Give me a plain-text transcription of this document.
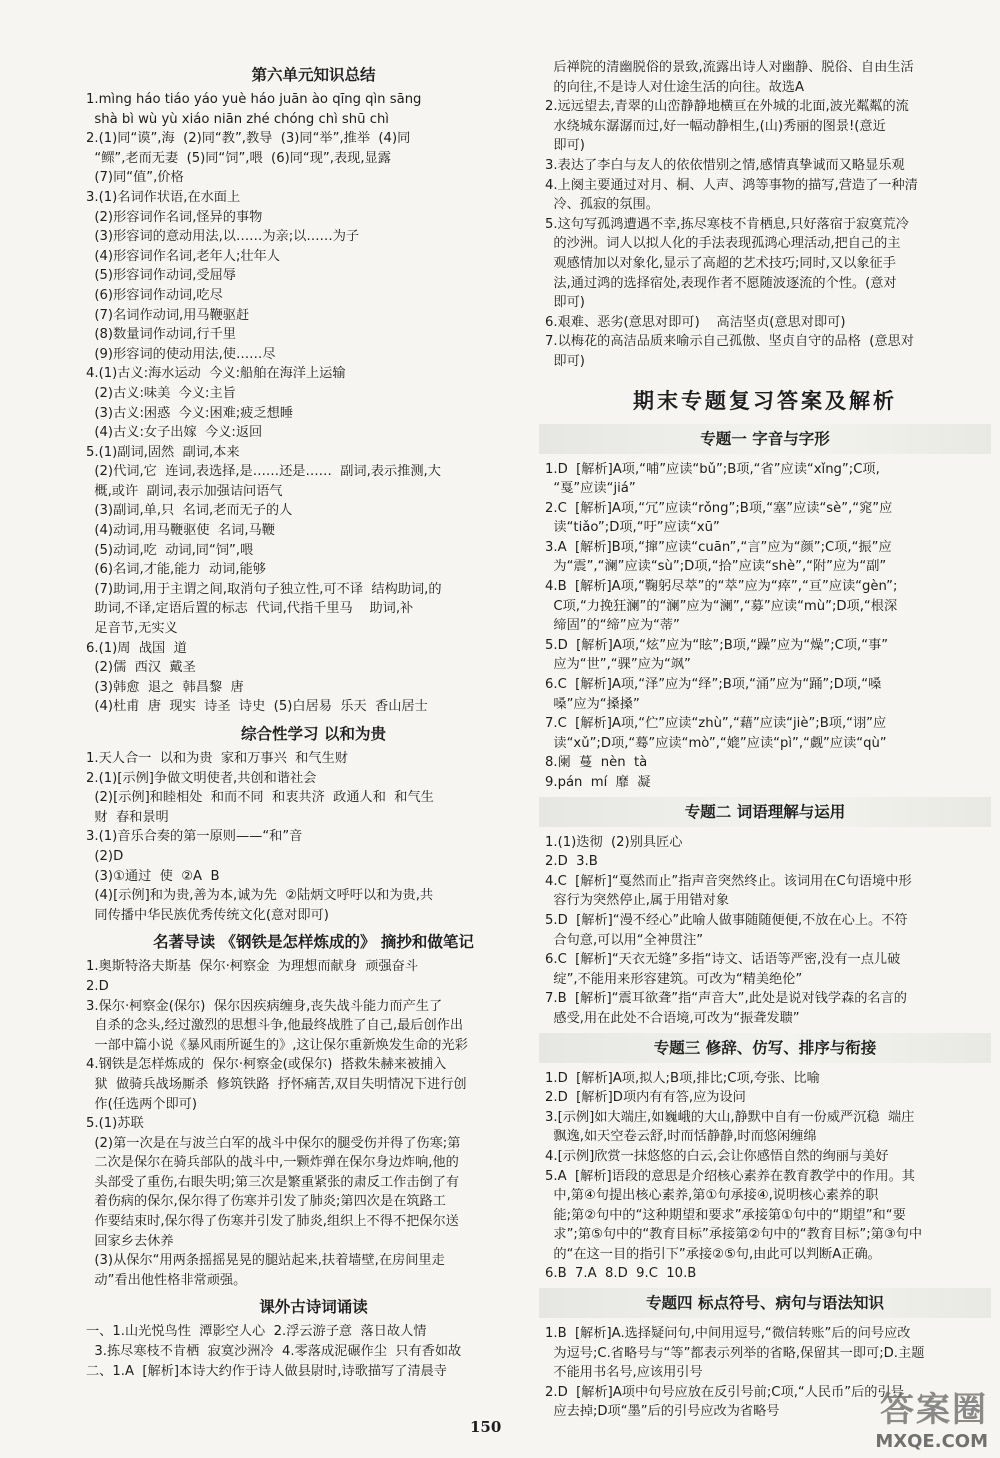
第六单元知识总结
1.mìng háo tiáo yáo yuè háo juān ào qīng qìn sāng
shà bì wù yù xiáo niān zhé chóng chì shū chì
2.(1)同“谟”,海  (2)同“教”,教导  (3)同“举”,推举  (4)同
“鳏”,老而无妻  (5)同“饲”,喂  (6)同“现”,表现,显露
(7)同“值”,价格
3.(1)名词作状语,在水面上
(2)形容词作名词,怪异的事物
(3)形容词的意动用法,以……为亲;以……为子
(4)形容词作名词,老年人;壮年人
(5)形容词作动词,受屈辱
(6)形容词作动词,吃尽
(7)名词作动词,用马鞭驱赶
(8)数量词作动词,行千里
(9)形容词的使动用法,使……尽
4.(1)古义:海水运动  今义:船舶在海洋上运输
(2)古义:味美  今义:主旨
(3)古义:困惑  今义:困难;疲乏想睡
(4)古义:女子出嫁  今义:返回
5.(1)副词,固然  副词,本来
(2)代词,它  连词,表选择,是……还是……  副词,表示推测,大
概,或许  副词,表示加强诘问语气
(3)副词,单,只  名词,老而无子的人
(4)动词,用马鞭驱使  名词,马鞭
(5)动词,吃  动词,同“饲”,喂
(6)名词,才能,能力  动词,能够
(7)助词,用于主谓之间,取消句子独立性,可不译  结构助词,的
助词,不译,定语后置的标志  代词,代指千里马    助词,补
足音节,无实义
6.(1)周  战国  道
(2)儒  西汉  戴圣
(3)韩愈  退之  韩昌黎  唐
(4)杜甫  唐  现实  诗圣  诗史  (5)白居易  乐天  香山居士
综合性学习 以和为贵
1.天人合一  以和为贵  家和万事兴  和气生财
2.(1)[示例]争做文明使者,共创和谐社会
(2)[示例]和睦相处  和而不同  和衷共济  政通人和  和气生
财  春和景明
3.(1)音乐合奏的第一原则——“和”音
(2)D
(3)①通过  使  ②A  B
(4)[示例]和为贵,善为本,诚为先  ②陆炳文呼吁以和为贵,共
同传播中华民族优秀传统文化(意对即可)
名著导读 《钢铁是怎样炼成的》 摘抄和做笔记
1.奥斯特洛夫斯基  保尔·柯察金  为理想而献身  顽强奋斗
2.D
3.保尔·柯察金(保尔)  保尔因疾病缠身,丧失战斗能力而产生了
自杀的念头,经过激烈的思想斗争,他最终战胜了自己,最后创作出
一部中篇小说《暴风雨所诞生的》,这让保尔重新焕发生命的光彩
4.钢铁是怎样炼成的  保尔·柯察金(或保尔)  搭救朱赫来被捕入
狱  做骑兵战场厮杀  修筑铁路  抒怀痛苦,双目失明情况下进行创
作(任选两个即可)
5.(1)苏联
(2)第一次是在与波兰白军的战斗中保尔的腿受伤并得了伤寒;第
二次是保尔在骑兵部队的战斗中,一颗炸弹在保尔身边炸响,他的
头部受了重伤,右眼失明;第三次是繁重紧张的肃反工作击倒了有
着伤病的保尔,保尔得了伤寒并引发了肺炎;第四次是在筑路工
作要结束时,保尔得了伤寒并引发了肺炎,组织上不得不把保尔送
回家乡去休养
(3)从保尔“用两条摇摇晃晃的腿站起来,扶着墙壁,在房间里走
动”看出他性格非常顽强。
课外古诗词诵读
一、1.山光悦鸟性  潭影空人心  2.浮云游子意  落日故人情
3.拣尽寒枝不肯栖  寂寞沙洲冷  4.零落成泥碾作尘  只有香如故
二、1.A  [解析]本诗大约作于诗人做县尉时,诗歌描写了清晨寺
后禅院的清幽脱俗的景致,流露出诗人对幽静、脱俗、自由生活
的向往,不是诗人对仕途生活的向往。故选A
2.远远望去,青翠的山峦静静地横亘在外城的北面,波光粼粼的流
水绕城东潺潺而过,好一幅动静相生,(山)秀丽的图景!(意近
即可)
3.表达了李白与友人的依依惜别之情,感情真挚诚而又略显乐观
4.上阕主要通过对月、桐、人声、鸿等事物的描写,营造了一种清
冷、孤寂的氛围。
5.这句写孤鸿遭遇不幸,拣尽寒枝不肯栖息,只好落宿于寂寞荒冷
的沙洲。词人以拟人化的手法表现孤鸿心理活动,把自己的主
观感情加以对象化,显示了高超的艺术技巧;同时,又以象征手
法,通过鸿的选择宿处,表现作者不愿随波逐流的个性。(意对
即可)
6.艰难、恶劣(意思对即可)    高洁坚贞(意思对即可)
7.以梅花的高洁品质来喻示自己孤傲、坚贞自守的品格  (意思对
即可)
期末专题复习答案及解析
专题一 字音与字形
1.D  [解析]A项,“哺”应读“bǔ”;B项,“省”应读“xǐng”;C项,
“戛”应读“jiá”
2.C  [解析]A项,“冗”应读“rǒng”;B项,“塞”应读“sè”,“窕”应
读“tiǎo”;D项,“吁”应读“xū”
3.A  [解析]B项,“撺”应读“cuān”,“言”应为“颜”;C项,“振”应
为“震”,“澜”应读“sù”;D项,“拾”应读“shè”,“附”应为“副”
4.B  [解析]A项,“鞠躬尽萃”的“萃”应为“瘁”,“亘”应读“gèn”;
C项,“力挽狂澜”的“澜”应为“澜”,“募”应读“mù”;D项,“根深
缔固”的“缔”应为“蒂”
5.D  [解析]A项,“炫”应为“眩”;B项,“躁”应为“燥”;C项,“事”
应为“世”,“骒”应为“飒”
6.C  [解析]A项,“泽”应为“绎”;B项,“涌”应为“踊”;D项,“嗓
嗓”应为“搡搡”
7.C  [解析]A项,“伫”应读“zhù”,“藉”应读“jiè”;B项,“诩”应
读“xǔ”;D项,“蓦”应读“mò”,“媲”应读“pì”,“觑”应读“qù”
8.阑  蔓  nèn  tà
9.pán  mí  靡  凝
专题二 词语理解与运用
1.(1)迭彻  (2)别具匠心
2.D  3.B
4.C  [解析]“戛然而止”指声音突然终止。该词用在C句语境中形
容行为突然停止,属于用错对象
5.D  [解析]“漫不经心”此喻人做事随随便便,不放在心上。不符
合句意,可以用“全神贯注”
6.C  [解析]“天衣无缝”多指“诗文、话语等严密,没有一点儿破
绽”,不能用来形容建筑。可改为“精美绝伦”
7.B  [解析]“震耳欲聋”指“声音大”,此处是说对钱学森的名言的
感受,用在此处不合语境,可改为“振聋发聩”
专题三 修辞、仿写、排序与衔接
1.D  [解析]A项,拟人;B项,排比;C项,夸张、比喻
2.D  [解析]D项内有有答,应为设问
3.[示例]如大端庄,如巍峨的大山,静默中自有一份威严沉稳  端庄
飘逸,如天空卷云舒,时而恬静静,时而悠闲缠绵
4.[示例]欣赏一抹悠悠的白云,会让你感悟自然的绚丽与美好
5.A  [解析]语段的意思是介绍核心素养在教育教学中的作用。其
中,第④句提出核心素养,第①句承接④,说明核心素养的职
能;第②句中的“这种期望和要求”承接第①句中的“期望”和“要
求”;第⑤句中的“教育目标”承接第②句中的“教育目标”;第③句中
的“在这一目的指引下”承接②⑤句,由此可以判断A正确。
6.B  7.A  8.D  9.C  10.B
专题四 标点符号、病句与语法知识
1.B  [解析]A.选择疑问句,中间用逗号,“微信转账”后的问号应改
为逗号;C.省略号与“等”都表示列举的省略,保留其一即可;D.主题
不能用书名号,应该用引号
2.D  [解析]A项中句号应放在反引号前;C项,“人民币”后的引号
应去掉;D项“墨”后的引号应改为省略号
150	答案圈
MXQE.COM
